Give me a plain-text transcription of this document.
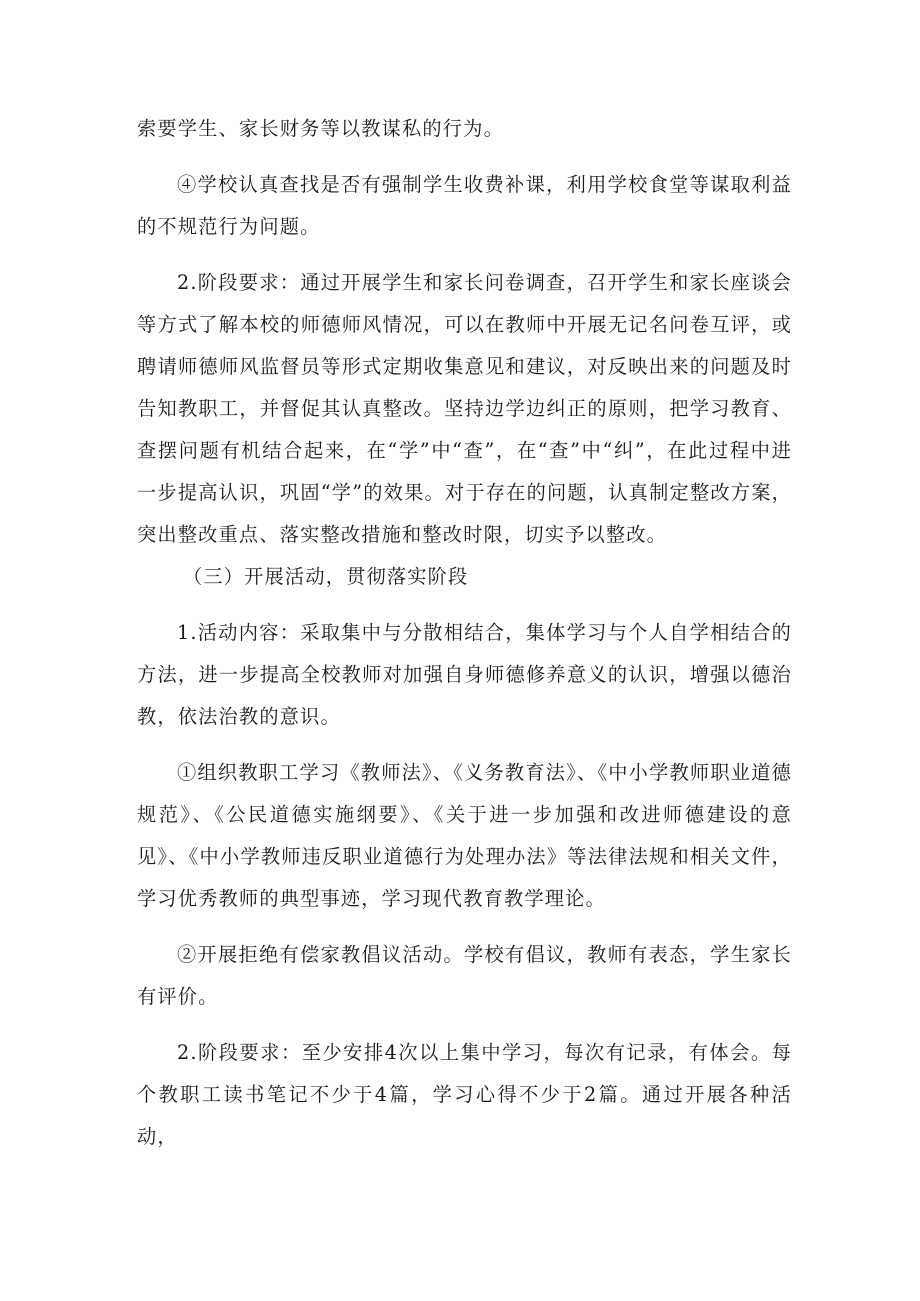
索要学生、家长财务等以教谋私的行为。

④学校认真查找是否有强制学生收费补课，利用学校食堂等谋取利益的不规范行为问题。

2.阶段要求：通过开展学生和家长问卷调查，召开学生和家长座谈会等方式了解本校的师德师风情况，可以在教师中开展无记名问卷互评，或聘请师德师风监督员等形式定期收集意见和建议，对反映出来的问题及时告知教职工，并督促其认真整改。坚持边学边纠正的原则，把学习教育、查摆问题有机结合起来，在“学”中“查”，在“查”中“纠”，在此过程中进一步提高认识，巩固“学”的效果。对于存在的问题，认真制定整改方案，突出整改重点、落实整改措施和整改时限，切实予以整改。

（三）开展活动，贯彻落实阶段

1.活动内容：采取集中与分散相结合，集体学习与个人自学相结合的方法，进一步提高全校教师对加强自身师德修养意义的认识，增强以德治教，依法治教的意识。

①组织教职工学习《教师法》、《义务教育法》、《中小学教师职业道德规范》、《公民道德实施纲要》、《关于进一步加强和改进师德建设的意见》、《中小学教师违反职业道德行为处理办法》等法律法规和相关文件，学习优秀教师的典型事迹，学习现代教育教学理论。

②开展拒绝有偿家教倡议活动。学校有倡议，教师有表态，学生家长有评价。

2.阶段要求：至少安排4次以上集中学习，每次有记录，有体会。每个教职工读书笔记不少于4篇，学习心得不少于2篇。通过开展各种活动，
